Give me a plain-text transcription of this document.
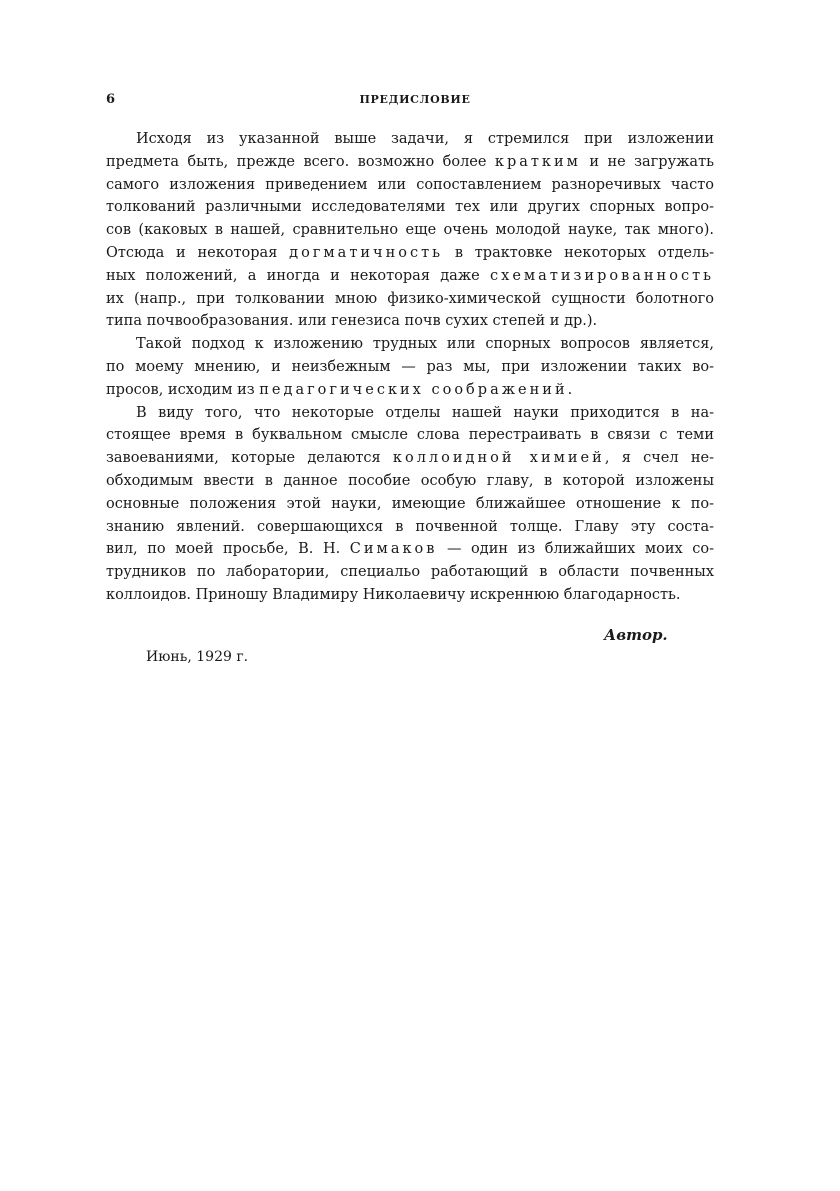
6	ПРЕДИСЛОВИЕ
Исходя из указанной выше задачи, я стремился при изложении
предмета быть, прежде всего. возможно более кратким и не загружать
самого изложения приведением или сопоставлением разноречивых часто
толкований различными исследователями тех или других спорных вопро-
сов (каковых в нашей, сравнительно еще очень молодой науке, так много).
Отсюда и некоторая догматичность в трактовке некоторых отдель-
ных положений, а иногда и некоторая даже схематизированность
их (напр., при толковании мною физико-химической сущности болотного
типа почвообразования. или генезиса почв сухих степей и др.).
Такой подход к изложению трудных или спорных вопросов является,
по моему мнению, и неизбежным — раз мы, при изложении таких во-
просов, исходим из педагогических соображений.
В виду того, что некоторые отделы нашей науки приходится в на-
стоящее время в буквальном смысле слова перестраивать в связи с теми
завоеваниями, которые делаются коллоидной химией, я счел не-
обходимым ввести в данное пособие особую главу, в которой изложены
основные положения этой науки, имеющие ближайшее отношение к по-
знанию явлений. совершающихся в почвенной толще. Главу эту соста-
вил, по моей просьбе, В. Н. Симаков — один из ближайших моих со-
трудников по лаборатории, специальо работающий в области почвенных
коллоидов. Приношу Владимиру Николаевичу искреннюю благодарность.
Автор.
Июнь, 1929 г.
